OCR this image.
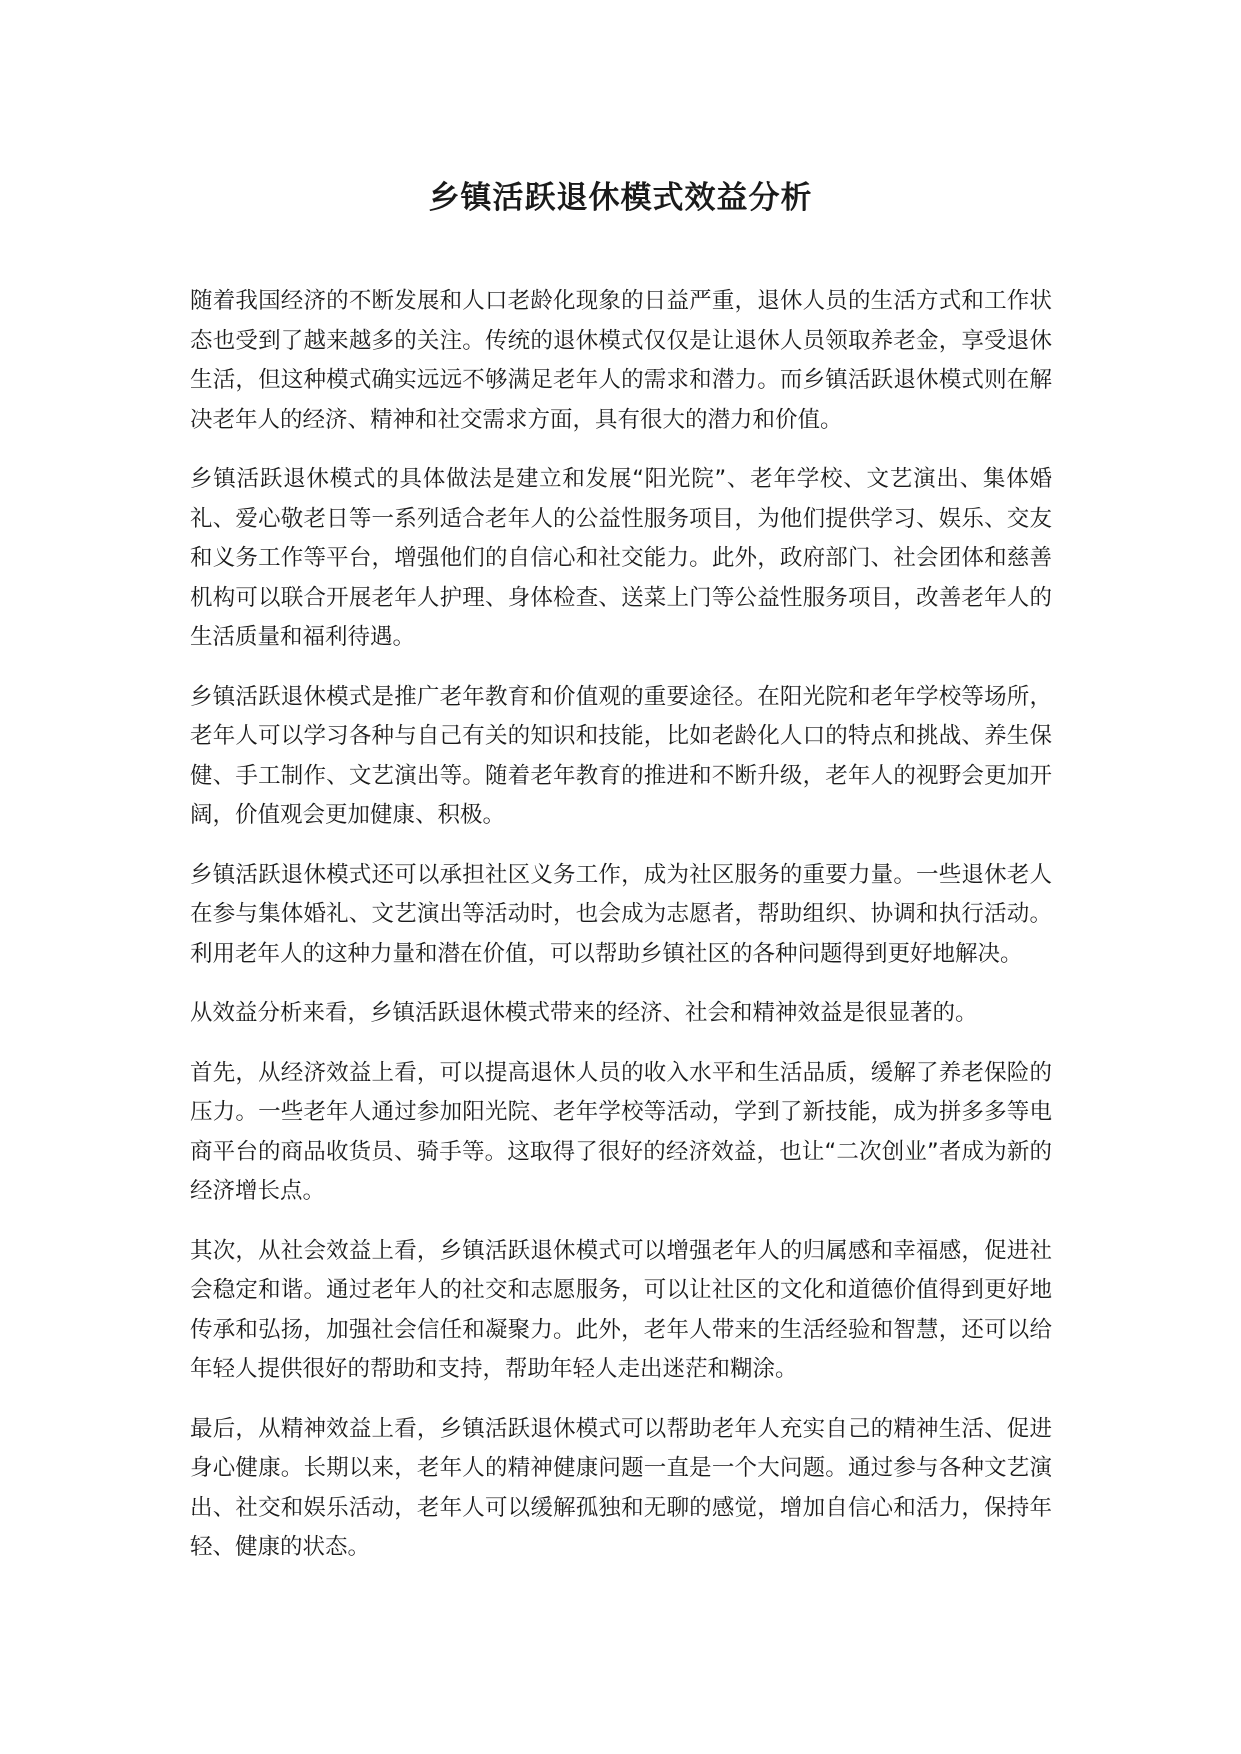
乡镇活跃退休模式效益分析

随着我国经济的不断发展和人口老龄化现象的日益严重，退休人员的生活方式和工作状态也受到了越来越多的关注。传统的退休模式仅仅是让退休人员领取养老金，享受退休生活，但这种模式确实远远不够满足老年人的需求和潜力。而乡镇活跃退休模式则在解决老年人的经济、精神和社交需求方面，具有很大的潜力和价值。

乡镇活跃退休模式的具体做法是建立和发展“阳光院”、老年学校、文艺演出、集体婚礼、爱心敬老日等一系列适合老年人的公益性服务项目，为他们提供学习、娱乐、交友和义务工作等平台，增强他们的自信心和社交能力。此外，政府部门、社会团体和慈善机构可以联合开展老年人护理、身体检查、送菜上门等公益性服务项目，改善老年人的生活质量和福利待遇。

乡镇活跃退休模式是推广老年教育和价值观的重要途径。在阳光院和老年学校等场所，老年人可以学习各种与自己有关的知识和技能，比如老龄化人口的特点和挑战、养生保健、手工制作、文艺演出等。随着老年教育的推进和不断升级，老年人的视野会更加开阔，价值观会更加健康、积极。

乡镇活跃退休模式还可以承担社区义务工作，成为社区服务的重要力量。一些退休老人在参与集体婚礼、文艺演出等活动时，也会成为志愿者，帮助组织、协调和执行活动。利用老年人的这种力量和潜在价值，可以帮助乡镇社区的各种问题得到更好地解决。

从效益分析来看，乡镇活跃退休模式带来的经济、社会和精神效益是很显著的。

首先，从经济效益上看，可以提高退休人员的收入水平和生活品质，缓解了养老保险的压力。一些老年人通过参加阳光院、老年学校等活动，学到了新技能，成为拼多多等电商平台的商品收货员、骑手等。这取得了很好的经济效益，也让“二次创业”者成为新的经济增长点。

其次，从社会效益上看，乡镇活跃退休模式可以增强老年人的归属感和幸福感，促进社会稳定和谐。通过老年人的社交和志愿服务，可以让社区的文化和道德价值得到更好地传承和弘扬，加强社会信任和凝聚力。此外，老年人带来的生活经验和智慧，还可以给年轻人提供很好的帮助和支持，帮助年轻人走出迷茫和糊涂。

最后，从精神效益上看，乡镇活跃退休模式可以帮助老年人充实自己的精神生活、促进身心健康。长期以来，老年人的精神健康问题一直是一个大问题。通过参与各种文艺演出、社交和娱乐活动，老年人可以缓解孤独和无聊的感觉，增加自信心和活力，保持年轻、健康的状态。
